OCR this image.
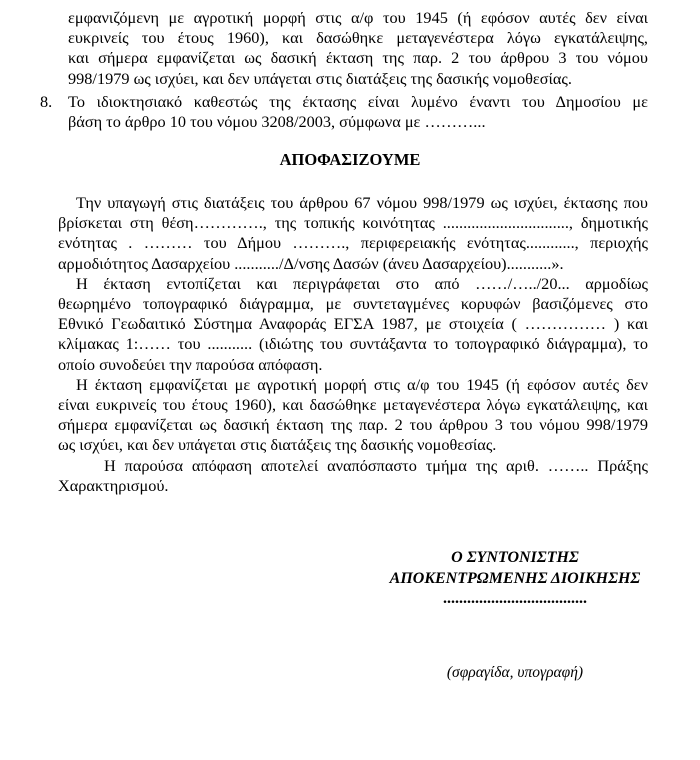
εμφανιζόμενη με αγροτική μορφή στις α/φ του 1945 (ή εφόσον αυτές δεν είναι
ευκρινείς του έτους 1960), και δασώθηκε μεταγενέστερα λόγω εγκατάλειψης,
και σήμερα εμφανίζεται ως δασική έκταση της παρ. 2 του άρθρου 3 του νόμου
998/1979 ως ισχύει, και δεν υπάγεται στις διατάξεις της δασικής νομοθεσίας.
8. Το ιδιοκτησιακό καθεστώς της έκτασης είναι λυμένο έναντι του Δημοσίου με
βάση το άρθρο 10 του νόμου 3208/2003, σύμφωνα με ………...
ΑΠΟΦΑΣΙΖΟΥΜΕ
Την υπαγωγή στις διατάξεις του άρθρου 67 νόμου 998/1979 ως ισχύει, έκτασης που
βρίσκεται στη θέση…………., της τοπικής κοινότητας ..............................., δημοτικής
ενότητας . ……… του Δήμου ………., περιφερειακής ενότητας............, περιοχής
αρμοδιότητος Δασαρχείου .........../Δ/νσης Δασών (άνευ Δασαρχείου)...........».
Η έκταση εντοπίζεται και περιγράφεται στο από ……/…../20... αρμοδίως
θεωρημένο τοπογραφικό διάγραμμα, με συντεταγμένες κορυφών βασιζόμενες στο
Εθνικό Γεωδαιτικό Σύστημα Αναφοράς ΕΓΣΑ 1987, με στοιχεία ( …………… ) και
κλίμακας 1:…… του ........... (ιδιώτης του συντάξαντα το τοπογραφικό διάγραμμα), το
οποίο συνοδεύει την παρούσα απόφαση.
Η έκταση εμφανίζεται με αγροτική μορφή στις α/φ του 1945 (ή εφόσον αυτές δεν
είναι ευκρινείς του έτους 1960), και δασώθηκε μεταγενέστερα λόγω εγκατάλειψης, και
σήμερα εμφανίζεται ως δασική έκταση της παρ. 2 του άρθρου 3 του νόμου 998/1979
ως ισχύει, και δεν υπάγεται στις διατάξεις της δασικής νομοθεσίας.
Η παρούσα απόφαση αποτελεί αναπόσπαστο τμήμα της αριθ. …….. Πράξης
Χαρακτηρισμού.
Ο ΣΥΝΤΟΝΙΣΤΗΣ
ΑΠΟΚΕΝΤΡΩΜΕΝΗΣ ΔΙΟΙΚΗΣΗΣ
....................................
(σφραγίδα, υπογραφή)
